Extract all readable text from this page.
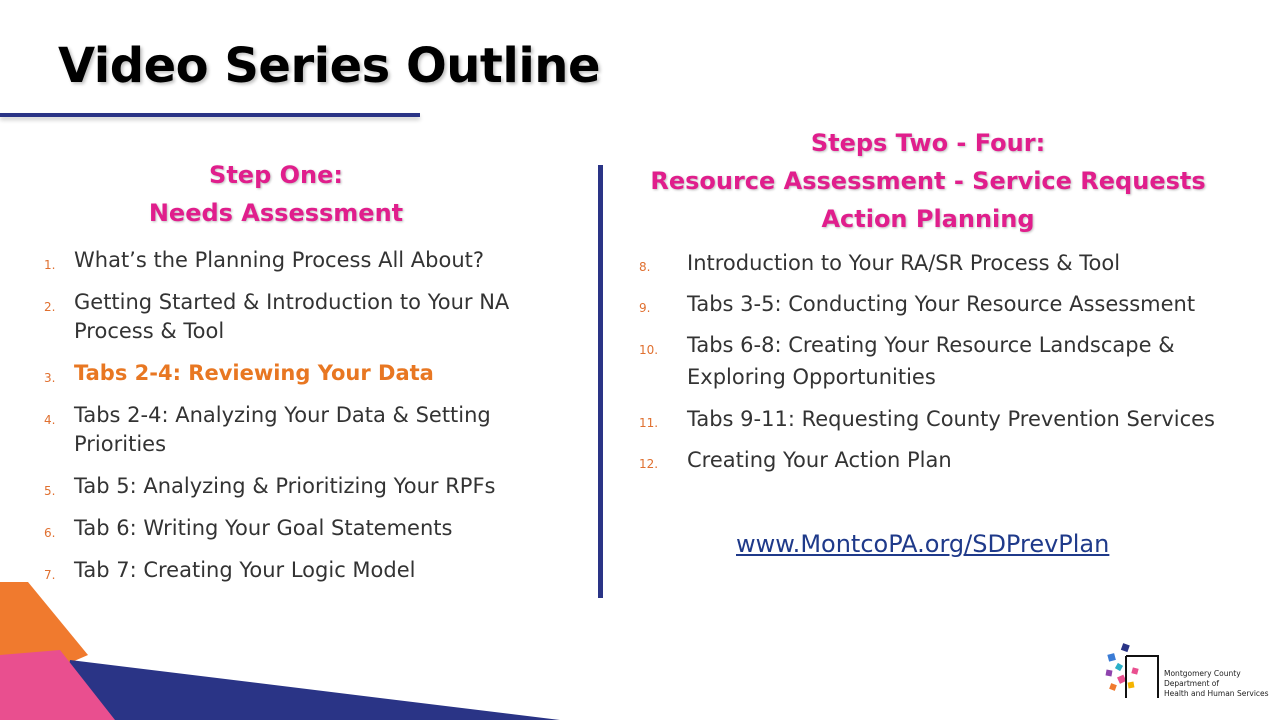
Video Series Outline
Step One:
Needs Assessment
Steps Two - Four:
Resource Assessment - Service Requests
Action Planning
1. What’s the Planning Process All About?
2. Getting Started & Introduction to Your NA
Process & Tool
3. Tabs 2-4: Reviewing Your Data
4. Tabs 2-4: Analyzing Your Data & Setting
Priorities
5. Tab 5: Analyzing & Prioritizing Your RPFs
6. Tab 6: Writing Your Goal Statements
7. Tab 7: Creating Your Logic Model
8. Introduction to Your RA/SR Process & Tool
9. Tabs 3-5: Conducting Your Resource Assessment
10. Tabs 6-8: Creating Your Resource Landscape &
Exploring Opportunities
11. Tabs 9-11: Requesting County Prevention Services
12. Creating Your Action Plan
www.MontcoPA.org/SDPrevPlan
Montgomery County
Department of
Health and Human Services
